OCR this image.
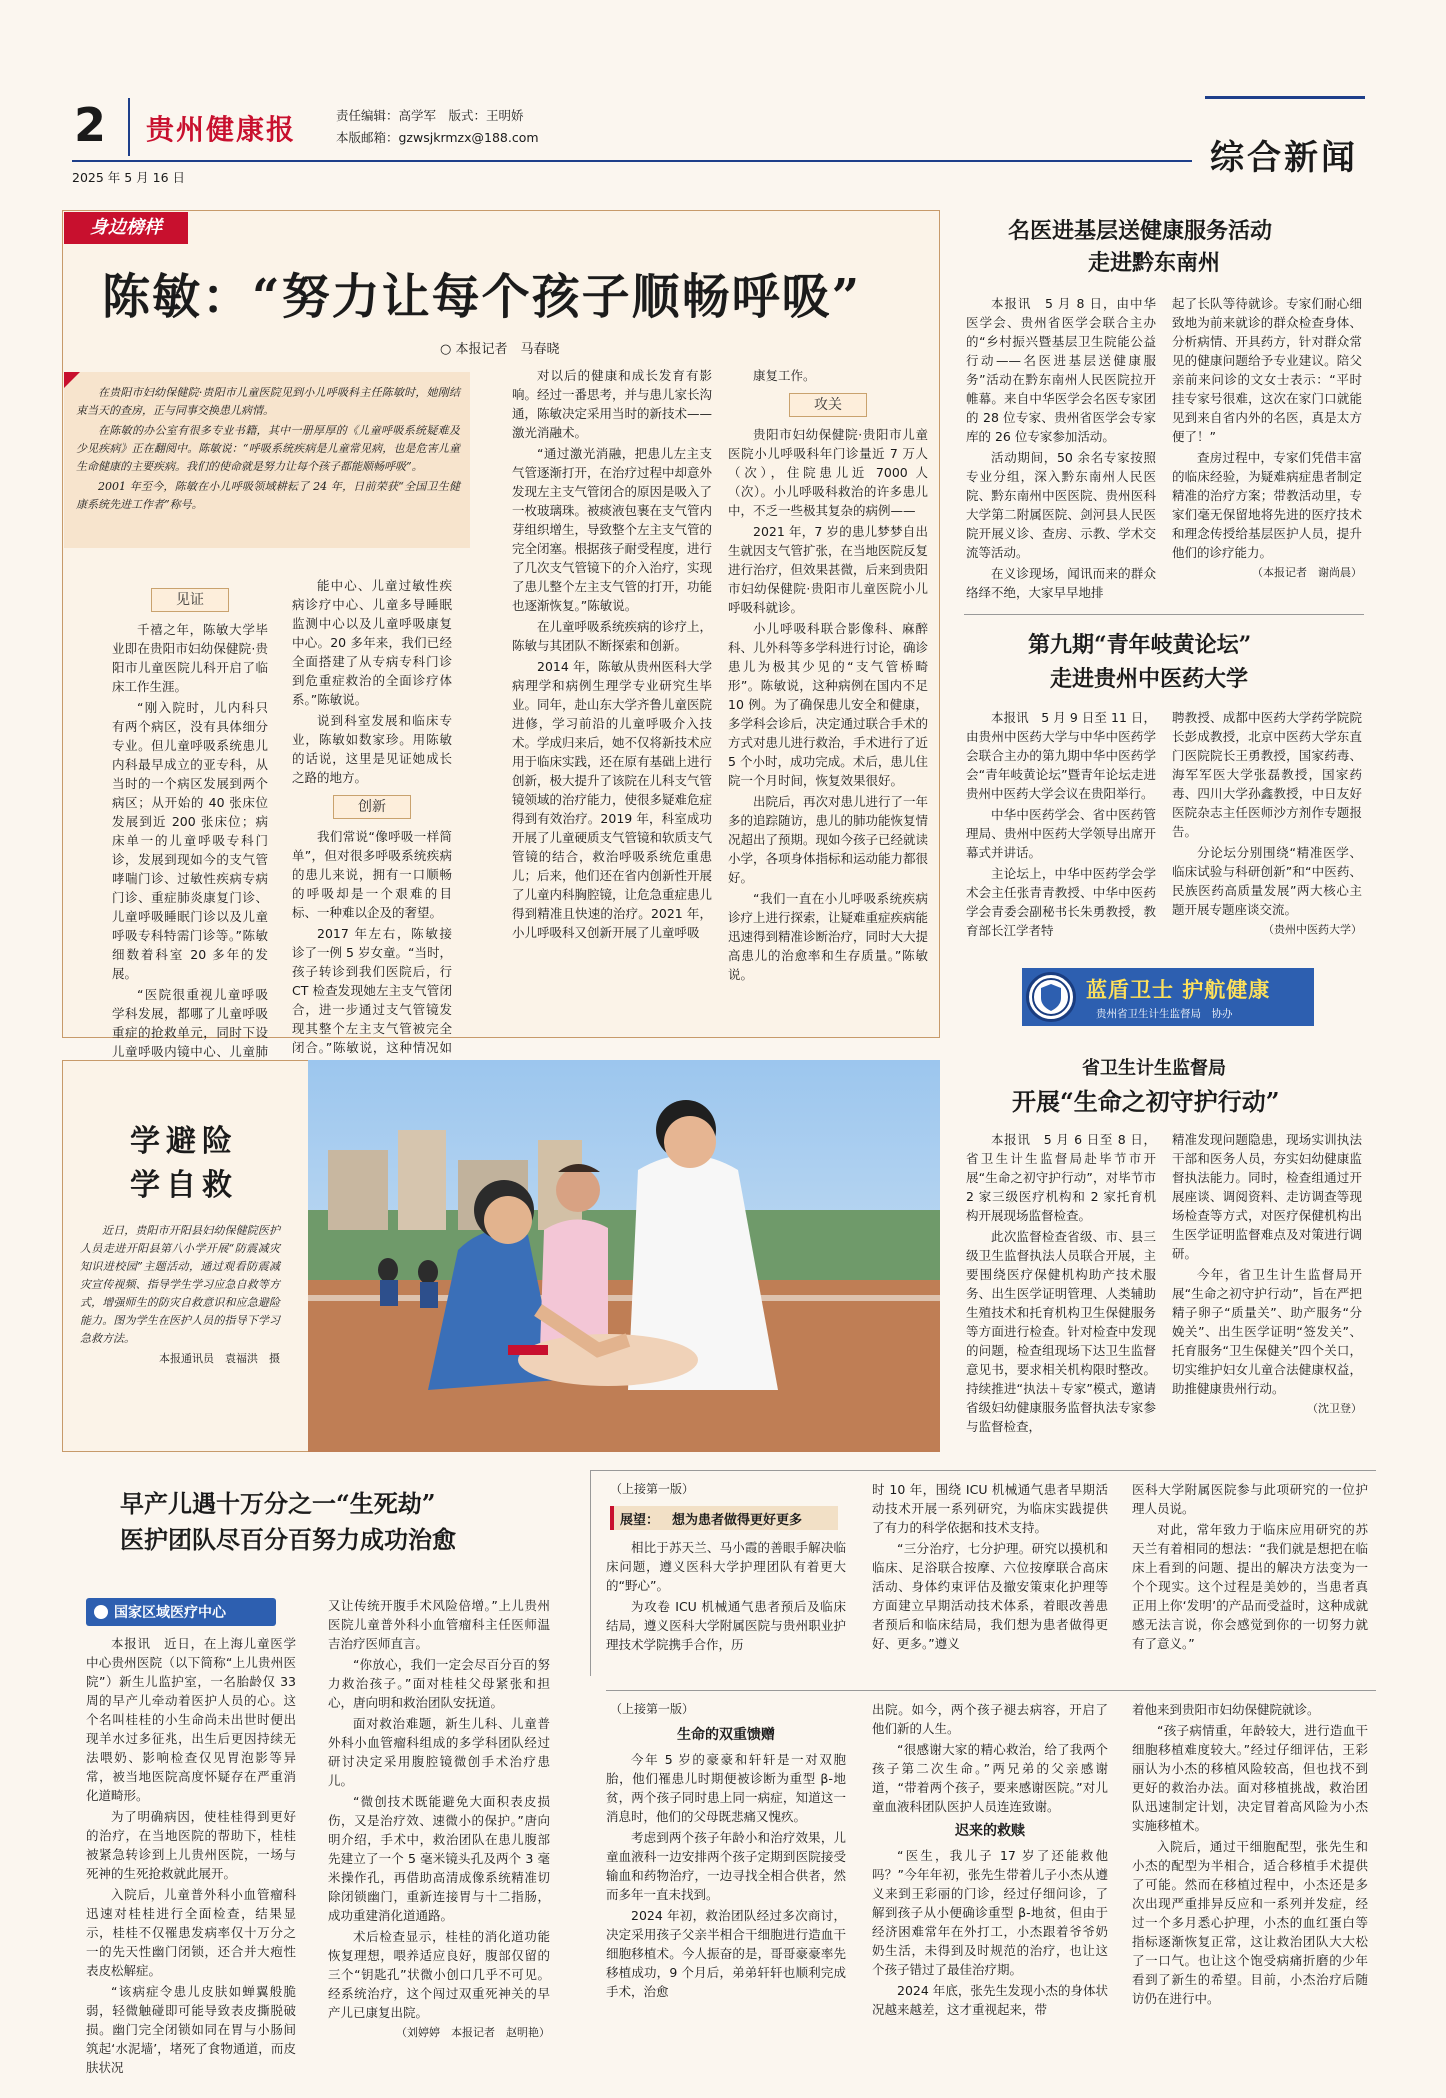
2 贵州健康报	责任编辑：高学军　版式：王明娇
本版邮箱：gzwsjkrmzx@188.com
2025 年 5 月 16 日	综合新闻
身边榜样
陈敏：“努力让每个孩子顺畅呼吸”
○ 本报记者　马春晓

在贵阳市妇幼保健院·贵阳市儿童医院见到小儿呼吸科主任陈敏时，她刚结束当天的查房，正与同事交换患儿病情。

在陈敏的办公室有很多专业书籍，其中一册厚厚的《儿童呼吸系统疑难及少见疾病》正在翻阅中。陈敏说：“呼吸系统疾病是儿童常见病，也是危害儿童生命健康的主要疾病。我们的使命就是努力让每个孩子都能顺畅呼吸”。

2001 年至今，陈敏在小儿呼吸领域耕耘了 24 年，日前荣获“全国卫生健康系统先进工作者”称号。

见证

千禧之年，陈敏大学毕业即在贵阳市妇幼保健院·贵阳市儿童医院儿科开启了临床工作生涯。

“刚入院时，儿内科只有两个病区，没有具体细分专业。但儿童呼吸系统患儿内科最早成立的亚专科，从当时的一个病区发展到两个病区；从开始的 40 张床位发展到近 200 张床位；病床单一的儿童呼吸专科门诊，发展到现如今的支气管哮喘门诊、过敏性疾病专病门诊、重症肺炎康复门诊、儿童呼吸睡眠门诊以及儿童呼吸专科特需门诊等。”陈敏细数着科室 20 多年的发展。

“医院很重视儿童呼吸学科发展，都哪了儿童呼吸重症的抢救单元，同时下设儿童呼吸内镜中心、儿童肺

能中心、儿童过敏性疾病诊疗中心、儿童多导睡眠监测中心以及儿童呼吸康复中心。20 多年来，我们已经全面搭建了从专病专科门诊到危重症救治的全面诊疗体系。”陈敏说。

说到科室发展和临床专业，陈敏如数家珍。用陈敏的话说，这里是见证她成长之路的地方。

创新

我们常说“像呼吸一样简单”，但对很多呼吸系统疾病的患儿来说，拥有一口顺畅的呼吸却是一个艰难的目标、一种难以企及的奢望。

2017 年左右，陈敏接诊了一例 5 岁女童。“当时，孩子转诊到我们医院后，行 CT 检查发现她左主支气管闭合，进一步通过支气管镜发现其整个左主支气管被完全闭合。”陈敏说，这种情况如

对以后的健康和成长发育有影响。经过一番思考，并与患儿家长沟通，陈敏决定采用当时的新技术——激光消融术。

“通过激光消融，把患儿左主支气管逐渐打开，在治疗过程中却意外发现左主支气管闭合的原因是吸入了一枚玻璃珠。被痰液包裹在支气管内芽组织增生，导致整个左主支气管的完全闭塞。根据孩子耐受程度，进行了几次支气管镜下的介入治疗，实现了患儿整个左主支气管的打开，功能也逐渐恢复。”陈敏说。

在儿童呼吸系统疾病的诊疗上，陈敏与其团队不断探索和创新。

2014 年，陈敏从贵州医科大学病理学和病例生理学专业研究生毕业。同年，赴山东大学齐鲁儿童医院进修，学习前沿的儿童呼吸介入技术。学成归来后，她不仅将新技术应用于临床实践，还在原有基础上进行创新，极大提升了该院在儿科支气管镜领域的治疗能力，使很多疑难危症得到有效治疗。2019 年，科室成功开展了儿童硬质支气管镜和软质支气管镜的结合，救治呼吸系统危重患儿；后来，他们还在省内创新性开展了儿童内科胸腔镜，让危急重症患儿得到精准且快速的治疗。2021 年，小儿呼吸科又创新开展了儿童呼吸

康复工作。

攻关

贵阳市妇幼保健院·贵阳市儿童医院小儿呼吸科年门诊量近 7 万人（次），住院患儿近 7000 人（次）。小儿呼吸科救治的许多患儿中，不乏一些极其复杂的病例——

2021 年，7 岁的患儿梦梦自出生就因支气管扩张，在当地医院反复进行治疗，但效果甚微，后来到贵阳市妇幼保健院·贵阳市儿童医院小儿呼吸科就诊。

小儿呼吸科联合影像科、麻醉科、儿外科等多学科进行讨论，确诊患儿为极其少见的“支气管桥畸形”。陈敏说，这种病例在国内不足 10 例。为了确保患儿安全和健康，多学科会诊后，决定通过联合手术的方式对患儿进行救治，手术进行了近 5 个小时，成功完成。术后，患儿住院一个月时间，恢复效果很好。

出院后，再次对患儿进行了一年多的追踪随访，患儿的肺功能恢复情况超出了预期。现如今孩子已经就读小学，各项身体指标和运动能力都很好。

“我们一直在小儿呼吸系统疾病诊疗上进行探索，让疑难重症疾病能迅速得到精准诊断治疗，同时大大提高患儿的治愈率和生存质量。”陈敏说。

名医进基层送健康服务活动
走进黔东南州

本报讯　5 月 8 日，由中华医学会、贵州省医学会联合主办的“乡村振兴暨基层卫生院能公益行动——名医进基层送健康服务”活动在黔东南州人民医院拉开帷幕。来自中华医学会名医专家团的 28 位专家、贵州省医学会专家库的 26 位专家参加活动。

活动期间，50 余名专家按照专业分组，深入黔东南州人民医院、黔东南州中医医院、贵州医科大学第二附属医院、剑河县人民医院开展义诊、查房、示教、学术交流等活动。

在义诊现场，闻讯而来的群众络绎不绝，大家早早地排

起了长队等待就诊。专家们耐心细致地为前来就诊的群众检查身体、分析病情、开具药方，针对群众常见的健康问题给予专业建议。陪父亲前来问诊的文女士表示：“平时挂专家号很难，这次在家门口就能见到来自省内外的名医，真是太方便了！”

查房过程中，专家们凭借丰富的临床经验，为疑难病症患者制定精准的治疗方案；带教活动里，专家们毫无保留地将先进的医疗技术和理念传授给基层医护人员，提升他们的诊疗能力。

（本报记者　谢尚晨）

第九期“青年岐黄论坛”
走进贵州中医药大学

本报讯　5 月 9 日至 11 日，由贵州中医药大学与中华中医药学会联合主办的第九期中华中医药学会“青年岐黄论坛”暨青年论坛走进贵州中医药大学会议在贵阳举行。

中华中医药学会、省中医药管理局、贵州中医药大学领导出席开幕式并讲话。

主论坛上，中华中医药学会学术会主任张青青教授、中华中医药学会青委会副秘书长朱勇教授，教育部长江学者特

聘教授、成都中医药大学药学院院长彭成教授，北京中医药大学东直门医院院长王勇教授，国家药毒、海军军医大学张磊教授，国家药毒、四川大学孙鑫教授，中日友好医院杂志主任医师沙方剂作专题报告。

分论坛分别围绕“精准医学、临床试验与科研创新”和“中医药、民族医药高质量发展”两大核心主题开展专题座谈交流。

（贵州中医药大学）

蓝盾卫士 护航健康
贵州省卫生计生监督局　协办
省卫生计生监督局
开展“生命之初守护行动”

本报讯　5 月 6 日至 8 日，省卫生计生监督局赴毕节市开展“生命之初守护行动”，对毕节市 2 家三级医疗机构和 2 家托育机构开展现场监督检查。

此次监督检查省级、市、县三级卫生监督执法人员联合开展，主要围绕医疗保健机构助产技术服务、出生医学证明管理、人类辅助生殖技术和托育机构卫生保健服务等方面进行检查。针对检查中发现的问题，检查组现场下达卫生监督意见书，要求相关机构限时整改。持续推进“执法＋专家”模式，邀请省级妇幼健康服务监督执法专家参与监督检查，

精准发现问题隐患，现场实训执法干部和医务人员，夯实妇幼健康监督执法能力。同时，检查组通过开展座谈、调阅资料、走访调查等现场检查等方式，对医疗保健机构出生医学证明监督难点及对策进行调研。

今年，省卫生计生监督局开展“生命之初守护行动”，旨在严把精子卵子“质量关”、助产服务“分娩关”、出生医学证明“签发关”、托育服务“卫生保健关”四个关口，切实维护妇女儿童合法健康权益，助推健康贵州行动。

（沈卫登）

学避险
学自救

近日，贵阳市开阳县妇幼保健院医护人员走进开阳县第八小学开展“防震减灾知识进校园”主题活动，通过观看防震减灾宣传视频、指导学生学习应急自救等方式，增强师生的防灾自救意识和应急避险能力。图为学生在医护人员的指导下学习急救方法。

本报通讯员　袁福洪　摄

早产儿遇十万分之一“生死劫”
医护团队尽百分百努力成功治愈
国家区域医疗中心

本报讯　近日，在上海儿童医学中心贵州医院（以下简称“上儿贵州医院”）新生儿监护室，一名胎龄仅 33 周的早产儿牵动着医护人员的心。这个名叫桂桂的小生命尚未出世时便出现羊水过多征兆，出生后更因持续无法喂奶、影响检查仅见胃泡影等异常，被当地医院高度怀疑存在严重消化道畸形。

为了明确病因，使桂桂得到更好的治疗，在当地医院的帮助下，桂桂被紧急转诊到上儿贵州医院，一场与死神的生死抢救就此展开。

入院后，儿童普外科小血管瘤科迅速对桂桂进行全面检查，结果显示，桂桂不仅罹患发病率仅十万分之一的先天性幽门闭锁，还合并大疱性表皮松解症。

“该病症令患儿皮肤如蝉翼般脆弱，轻微触碰即可能导致表皮撕脱破损。幽门完全闭锁如同在胃与小肠间筑起‘水泥墙’，堵死了食物通道，而皮肤状况

又让传统开腹手术风险倍增。”上儿贵州医院儿童普外科小血管瘤科主任医师温吉治疗医师直言。

“你放心，我们一定会尽百分百的努力救治孩子。”面对桂桂父母紧张和担心，唐向明和救治团队安抚道。

面对救治难题，新生儿科、儿童普外科小血管瘤科组成的多学科团队经过研讨决定采用腹腔镜微创手术治疗患儿。

“微创技术既能避免大面积表皮损伤，又是治疗效、速微小的保护。”唐向明介绍，手术中，救治团队在患儿腹部先建立了一个 5 毫米镜头孔及两个 3 毫米操作孔，再借助高清成像系统精准切除闭锁幽门，重新连接胃与十二指肠，成功重建消化道通路。

术后检查显示，桂桂的消化道功能恢复理想，喂养适应良好，腹部仅留的三个“钥匙孔”状微小创口几乎不可见。经系统治疗，这个闯过双重死神关的早产儿已康复出院。

（刘婷婷　本报记者　赵明艳）

（上接第一版）
展望： 想为患者做得更好更多

相比于苏天兰、马小霞的善眼手解决临床问题，遵义医科大学护理团队有着更大的“野心”。

为攻卷 ICU 机械通气患者预后及临床结局，遵义医科大学附属医院与贵州职业护理技术学院携手合作，历

时 10 年，围绕 ICU 机械通气患者早期活动技术开展一系列研究，为临床实践提供了有力的科学依据和技术支持。

“三分治疗，七分护理。研究以摸机和临床、足浴联合按摩、六位按摩联合高床活动、身体约束评估及撤安策束化护理等方面建立早期活动技术体系，着眼改善患者预后和临床结局，我们想为患者做得更好、更多。”遵义

医科大学附属医院参与此项研究的一位护理人员说。

对此，常年致力于临床应用研究的苏天兰有着相同的想法：“我们就是想把在临床上看到的问题、提出的解决方法变为一个个现实。这个过程是美妙的，当患者真正用上你‘发明’的产品而受益时，这种成就感无法言说，你会感觉到你的一切努力就有了意义。”

（上接第一版）
生命的双重馈赠

今年 5 岁的豪豪和轩轩是一对双胞胎，他们罹患儿时期便被诊断为重型 β-地贫，两个孩子同时患上同一病症，知道这一消息时，他们的父母既悲痛又愧疚。

考虑到两个孩子年龄小和治疗效果，儿童血液科一边安排两个孩子定期到医院接受输血和药物治疗，一边寻找全相合供者，然而多年一直未找到。

2024 年初，救治团队经过多次商讨，决定采用孩子父亲半相合干细胞进行造血干细胞移植术。今人振奋的是，哥哥豪豪率先移植成功，9 个月后，弟弟轩轩也顺利完成手术，治愈

出院。如今，两个孩子褪去病容，开启了他们新的人生。

“很感谢大家的精心救治，给了我两个孩子第二次生命。”两兄弟的父亲感谢道，“带着两个孩子，要来感谢医院。”对儿童血液科团队医护人员连连致谢。

迟来的救赎

“医生，我儿子 17 岁了还能救他吗？”今年年初，张先生带着儿子小杰从遵义来到王彩丽的门诊，经过仔细问诊，了解到孩子从小便确诊重型 β-地贫，但由于经济困难常年在外打工，小杰跟着爷爷奶奶生活，未得到及时规范的治疗，也让这个孩子错过了最佳治疗期。

2024 年底，张先生发现小杰的身体状况越来越差，这才重视起来，带

着他来到贵阳市妇幼保健院就诊。

“孩子病情重，年龄较大，进行造血干细胞移植难度较大。”经过仔细评估，王彩丽认为小杰的移植风险较高，但也找不到更好的救治办法。面对移植挑战，救治团队迅速制定计划，决定冒着高风险为小杰实施移植术。

入院后，通过干细胞配型，张先生和小杰的配型为半相合，适合移植手术提供了可能。然而在移植过程中，小杰还是多次出现严重排异反应和一系列并发症，经过一个多月悉心护理，小杰的血红蛋白等指标逐渐恢复正常，这让救治团队大大松了一口气。也让这个饱受病痛折磨的少年看到了新生的希望。目前，小杰治疗后随访仍在进行中。
